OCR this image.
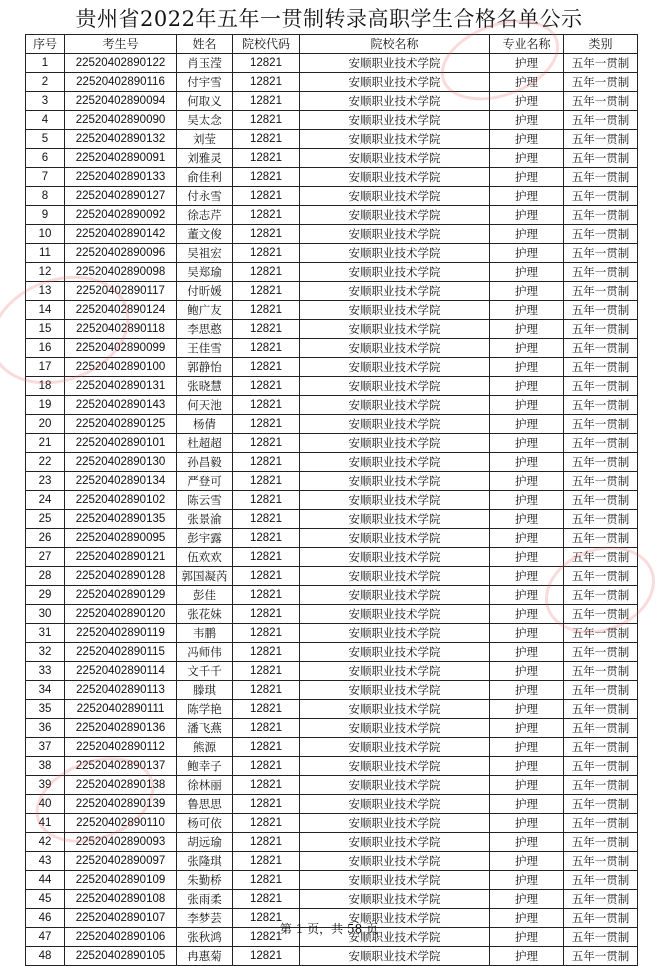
贵州省2022年五年一贯制转录高职学生合格名单公示
序号	考生号	姓名	院校代码	院校名称	专业名称	类别
1	22520402890122	肖玉滢	12821	安顺职业技术学院	护理	五年一贯制
2	22520402890116	付宇雪	12821	安顺职业技术学院	护理	五年一贯制
3	22520402890094	何取义	12821	安顺职业技术学院	护理	五年一贯制
4	22520402890090	吴太念	12821	安顺职业技术学院	护理	五年一贯制
5	22520402890132	刘莹	12821	安顺职业技术学院	护理	五年一贯制
6	22520402890091	刘雅灵	12821	安顺职业技术学院	护理	五年一贯制
7	22520402890133	俞佳利	12821	安顺职业技术学院	护理	五年一贯制
8	22520402890127	付永雪	12821	安顺职业技术学院	护理	五年一贯制
9	22520402890092	徐志芹	12821	安顺职业技术学院	护理	五年一贯制
10	22520402890142	董文俊	12821	安顺职业技术学院	护理	五年一贯制
11	22520402890096	吴祖宏	12821	安顺职业技术学院	护理	五年一贯制
12	22520402890098	吴郑瑜	12821	安顺职业技术学院	护理	五年一贯制
13	22520402890117	付昕媛	12821	安顺职业技术学院	护理	五年一贯制
14	22520402890124	鲍广友	12821	安顺职业技术学院	护理	五年一贯制
15	22520402890118	李思憨	12821	安顺职业技术学院	护理	五年一贯制
16	22520402890099	王佳雪	12821	安顺职业技术学院	护理	五年一贯制
17	22520402890100	郭静怡	12821	安顺职业技术学院	护理	五年一贯制
18	22520402890131	张晓慧	12821	安顺职业技术学院	护理	五年一贯制
19	22520402890143	何天池	12821	安顺职业技术学院	护理	五年一贯制
20	22520402890125	杨倩	12821	安顺职业技术学院	护理	五年一贯制
21	22520402890101	杜超超	12821	安顺职业技术学院	护理	五年一贯制
22	22520402890130	孙昌毅	12821	安顺职业技术学院	护理	五年一贯制
23	22520402890134	严登可	12821	安顺职业技术学院	护理	五年一贯制
24	22520402890102	陈云雪	12821	安顺职业技术学院	护理	五年一贯制
25	22520402890135	张景渝	12821	安顺职业技术学院	护理	五年一贯制
26	22520402890095	彭宇露	12821	安顺职业技术学院	护理	五年一贯制
27	22520402890121	伍欢欢	12821	安顺职业技术学院	护理	五年一贯制
28	22520402890128	郭国凝芮	12821	安顺职业技术学院	护理	五年一贯制
29	22520402890129	彭佳	12821	安顺职业技术学院	护理	五年一贯制
30	22520402890120	张花妹	12821	安顺职业技术学院	护理	五年一贯制
31	22520402890119	韦鹏	12821	安顺职业技术学院	护理	五年一贯制
32	22520402890115	冯师伟	12821	安顺职业技术学院	护理	五年一贯制
33	22520402890114	文千千	12821	安顺职业技术学院	护理	五年一贯制
34	22520402890113	滕琪	12821	安顺职业技术学院	护理	五年一贯制
35	22520402890111	陈学艳	12821	安顺职业技术学院	护理	五年一贯制
36	22520402890136	潘飞燕	12821	安顺职业技术学院	护理	五年一贯制
37	22520402890112	熊源	12821	安顺职业技术学院	护理	五年一贯制
38	22520402890137	鲍幸子	12821	安顺职业技术学院	护理	五年一贯制
39	22520402890138	徐林丽	12821	安顺职业技术学院	护理	五年一贯制
40	22520402890139	鲁思思	12821	安顺职业技术学院	护理	五年一贯制
41	22520402890110	杨可依	12821	安顺职业技术学院	护理	五年一贯制
42	22520402890093	胡远瑜	12821	安顺职业技术学院	护理	五年一贯制
43	22520402890097	张隆琪	12821	安顺职业技术学院	护理	五年一贯制
44	22520402890109	朱勤桥	12821	安顺职业技术学院	护理	五年一贯制
45	22520402890108	张雨柔	12821	安顺职业技术学院	护理	五年一贯制
46	22520402890107	李梦芸	12821	安顺职业技术学院	护理	五年一贯制
47	22520402890106	张秋鸿	12821	安顺职业技术学院	护理	五年一贯制
48	22520402890105	冉惠菊	12821	安顺职业技术学院	护理	五年一贯制
第 1 页，共 58 页
